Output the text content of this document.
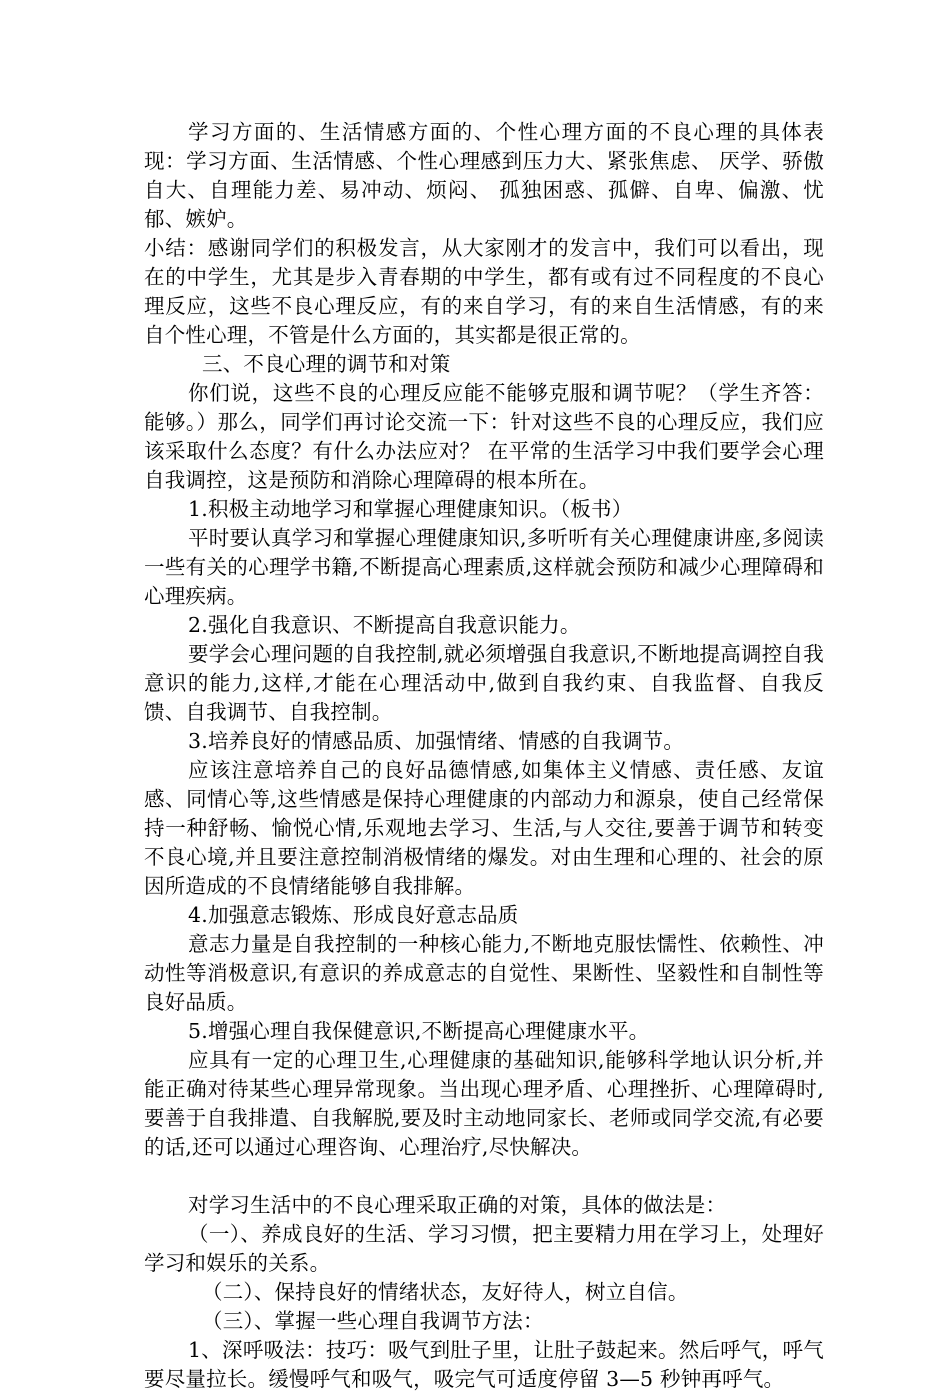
学习方面的、生活情感方面的、个性心理方面的不良心理的具体表现：学习方面、生活情感、个性心理感到压力大、紧张焦虑、 厌学、骄傲自大、自理能力差、易冲动、烦闷、 孤独困惑、孤僻、自卑、偏激、忧郁、嫉妒。

小结：感谢同学们的积极发言，从大家刚才的发言中，我们可以看出，现在的中学生，尤其是步入青春期的中学生，都有或有过不同程度的不良心理反应，这些不良心理反应，有的来自学习，有的来自生活情感，有的来自个性心理，不管是什么方面的，其实都是很正常的。

三、不良心理的调节和对策

你们说，这些不良的心理反应能不能够克服和调节呢？（学生齐答：能够。）那么，同学们再讨论交流一下：针对这些不良的心理反应，我们应该采取什么态度？有什么办法应对？ 在平常的生活学习中我们要学会心理自我调控，这是预防和消除心理障碍的根本所在。

1.积极主动地学习和掌握心理健康知识。（板书）

平时要认真学习和掌握心理健康知识,多听听有关心理健康讲座,多阅读一些有关的心理学书籍,不断提高心理素质,这样就会预防和减少心理障碍和心理疾病。

2.强化自我意识、不断提高自我意识能力。

要学会心理问题的自我控制,就必须增强自我意识,不断地提高调控自我意识的能力,这样,才能在心理活动中,做到自我约束、自我监督、自我反馈、自我调节、自我控制。

3.培养良好的情感品质、加强情绪、情感的自我调节。

应该注意培养自己的良好品德情感,如集体主义情感、责任感、友谊感、同情心等,这些情感是保持心理健康的内部动力和源泉，使自己经常保持一种舒畅、愉悦心情,乐观地去学习、生活,与人交往,要善于调节和转变不良心境,并且要注意控制消极情绪的爆发。对由生理和心理的、社会的原因所造成的不良情绪能够自我排解。

4.加强意志锻炼、形成良好意志品质

意志力量是自我控制的一种核心能力,不断地克服怯懦性、依赖性、冲动性等消极意识,有意识的养成意志的自觉性、果断性、坚毅性和自制性等良好品质。

5.增强心理自我保健意识,不断提高心理健康水平。

应具有一定的心理卫生,心理健康的基础知识,能够科学地认识分析,并能正确对待某些心理异常现象。当出现心理矛盾、心理挫折、心理障碍时,要善于自我排遣、自我解脱,要及时主动地同家长、老师或同学交流,有必要的话,还可以通过心理咨询、心理治疗,尽快解决。

对学习生活中的不良心理采取正确的对策，具体的做法是：

（一）、养成良好的生活、学习习惯，把主要精力用在学习上，处理好学习和娱乐的关系。

（二）、保持良好的情绪状态，友好待人，树立自信。

（三）、掌握一些心理自我调节方法：

1、深呼吸法：技巧：吸气到肚子里，让肚子鼓起来。然后呼气，呼气要尽量拉长。缓慢呼气和吸气，吸完气可适度停留 3—5 秒钟再呼气。
